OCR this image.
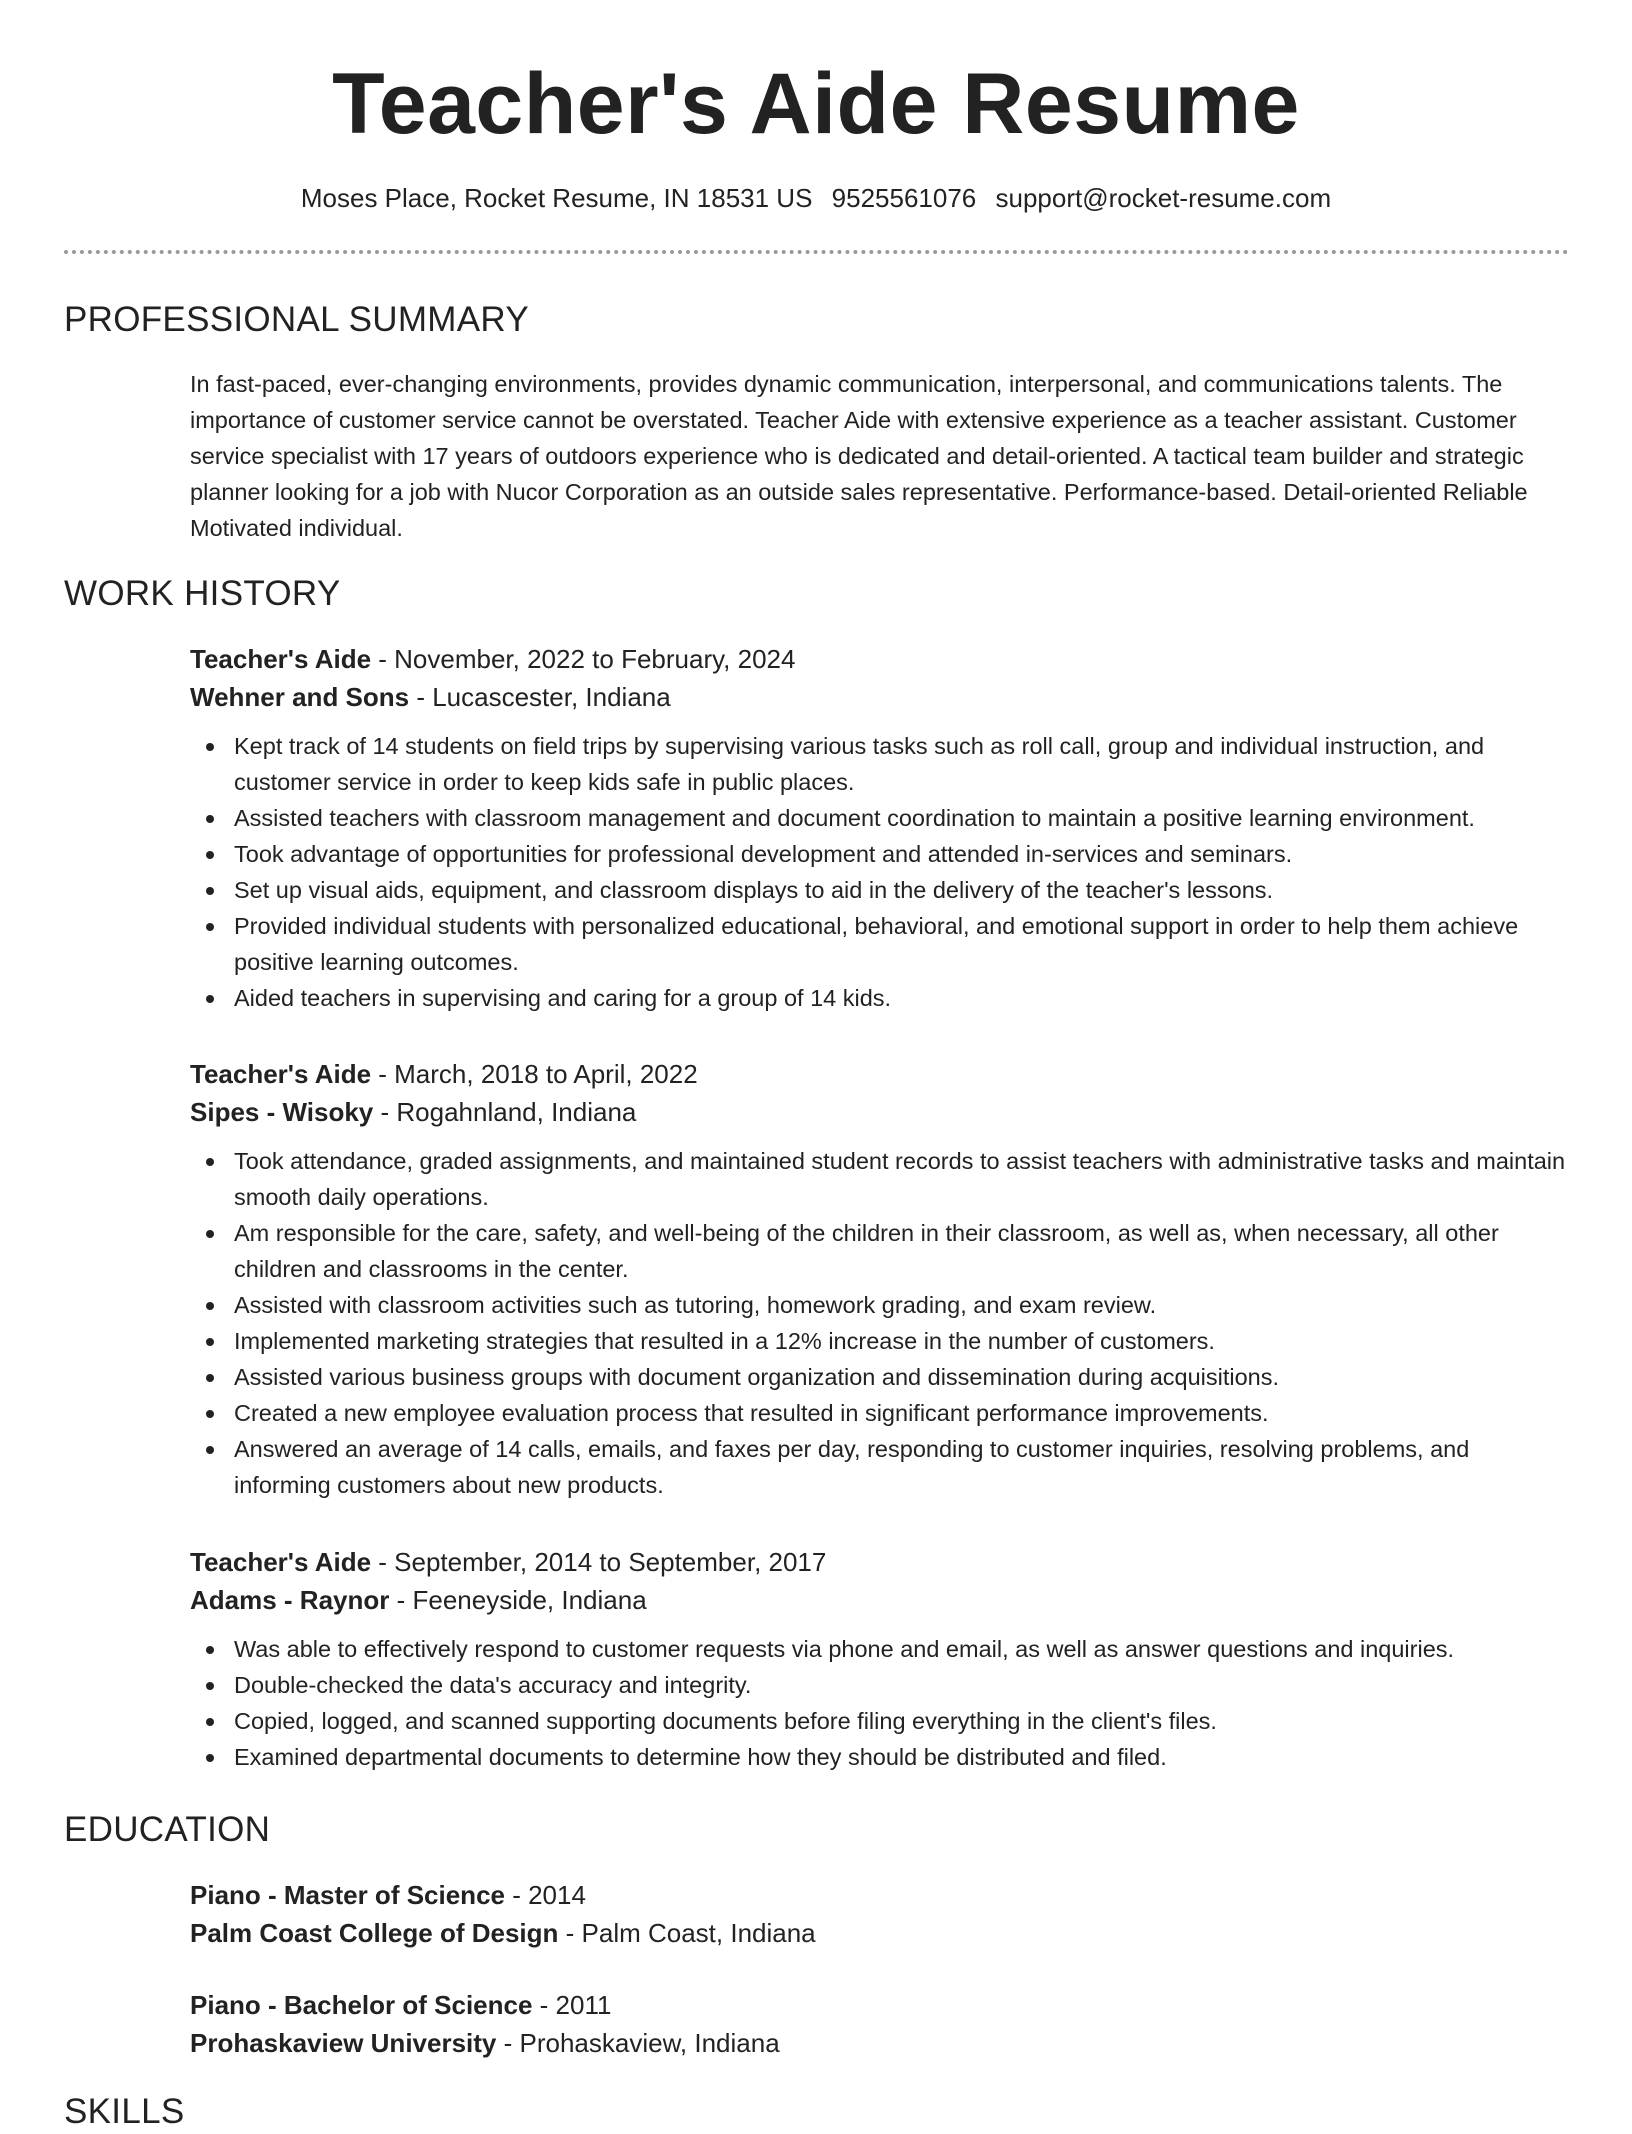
Teacher's Aide Resume
Moses Place, Rocket Resume, IN 18531 US 9525561076 support@rocket-resume.com
PROFESSIONAL SUMMARY
In fast-paced, ever-changing environments, provides dynamic communication, interpersonal, and communications talents. The importance of customer service cannot be overstated. Teacher Aide with extensive experience as a teacher assistant. Customer service specialist with 17 years of outdoors experience who is dedicated and detail-oriented. A tactical team builder and strategic planner looking for a job with Nucor Corporation as an outside sales representative. Performance-based. Detail-oriented Reliable Motivated individual.
WORK HISTORY
Teacher's Aide - November, 2022 to February, 2024
Wehner and Sons - Lucascester, Indiana
Kept track of 14 students on field trips by supervising various tasks such as roll call, group and individual instruction, and customer service in order to keep kids safe in public places.
Assisted teachers with classroom management and document coordination to maintain a positive learning environment.
Took advantage of opportunities for professional development and attended in-services and seminars.
Set up visual aids, equipment, and classroom displays to aid in the delivery of the teacher's lessons.
Provided individual students with personalized educational, behavioral, and emotional support in order to help them achieve positive learning outcomes.
Aided teachers in supervising and caring for a group of 14 kids.
Teacher's Aide - March, 2018 to April, 2022
Sipes - Wisoky - Rogahnland, Indiana
Took attendance, graded assignments, and maintained student records to assist teachers with administrative tasks and maintain smooth daily operations.
Am responsible for the care, safety, and well-being of the children in their classroom, as well as, when necessary, all other children and classrooms in the center.
Assisted with classroom activities such as tutoring, homework grading, and exam review.
Implemented marketing strategies that resulted in a 12% increase in the number of customers.
Assisted various business groups with document organization and dissemination during acquisitions.
Created a new employee evaluation process that resulted in significant performance improvements.
Answered an average of 14 calls, emails, and faxes per day, responding to customer inquiries, resolving problems, and informing customers about new products.
Teacher's Aide - September, 2014 to September, 2017
Adams - Raynor - Feeneyside, Indiana
Was able to effectively respond to customer requests via phone and email, as well as answer questions and inquiries.
Double-checked the data's accuracy and integrity.
Copied, logged, and scanned supporting documents before filing everything in the client's files.
Examined departmental documents to determine how they should be distributed and filed.
EDUCATION
Piano - Master of Science - 2014
Palm Coast College of Design - Palm Coast, Indiana
Piano - Bachelor of Science - 2011
Prohaskaview University - Prohaskaview, Indiana
SKILLS
